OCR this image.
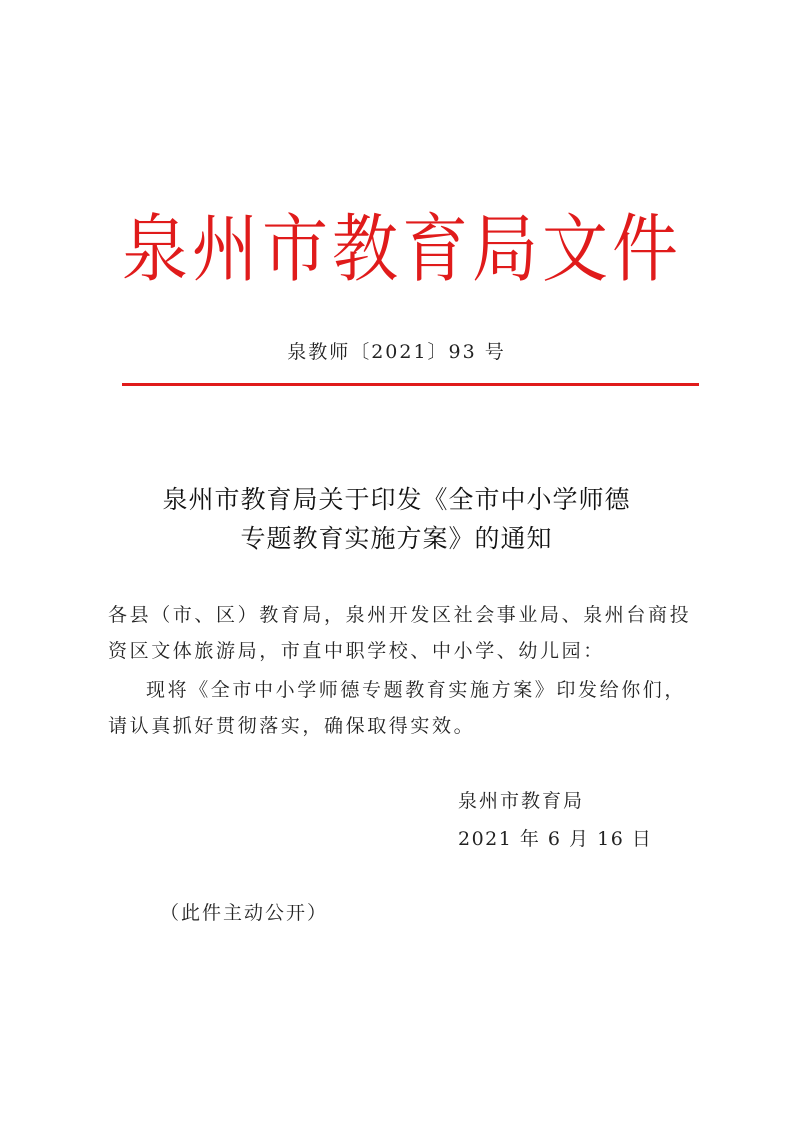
泉州市教育局文件
泉教师〔2021〕93 号
泉州市教育局关于印发《全市中小学师德
专题教育实施方案》的通知
各县（市、区）教育局，泉州开发区社会事业局、泉州台商投
资区文体旅游局，市直中职学校、中小学、幼儿园：
现将《全市中小学师德专题教育实施方案》印发给你们，
请认真抓好贯彻落实，确保取得实效。
泉州市教育局
2021 年 6 月 16 日
（此件主动公开）
